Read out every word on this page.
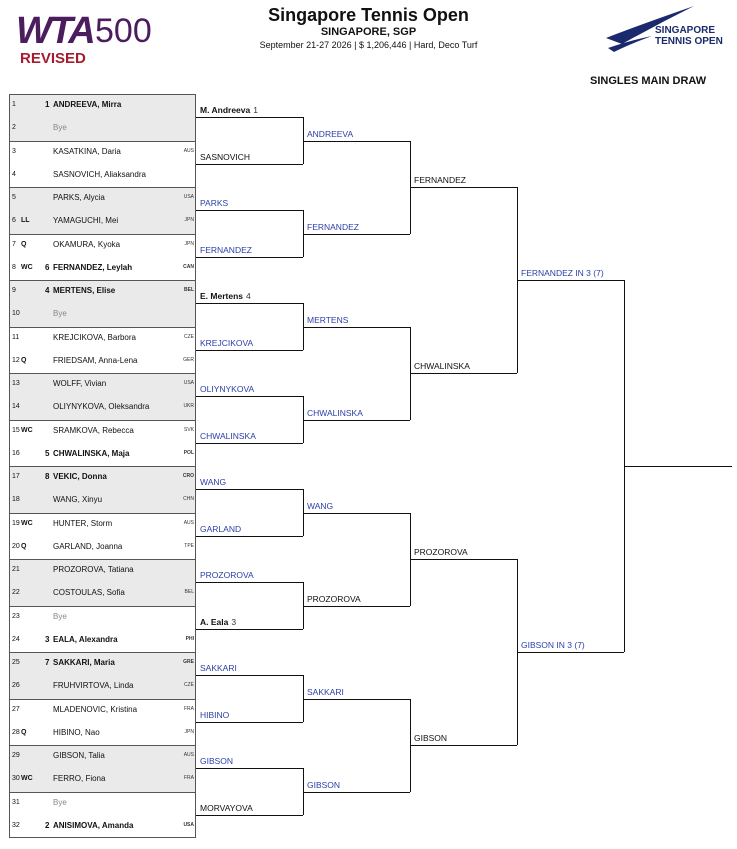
WTA 500
REVISED
Singapore Tennis Open
SINGAPORE, SGP
September 21-27 2026 | $ 1,206,446 | Hard, Deco Turf
SINGAPORE
TENNIS OPEN
SINGLES MAIN DRAW
1	1 ANDREEVA, Mirra
2	Bye
3	KASATKINA, Daria	AUS
4	SASNOVICH, Aliaksandra
5	PARKS, Alycia	USA
6 LL	YAMAGUCHI, Mei	JPN
7 Q	OKAMURA, Kyoka	JPN
8 WC 6 FERNANDEZ, Leylah	CAN
9	4 MERTENS, Elise	BEL
10	Bye
11	KREJCIKOVA, Barbora	CZE
12 Q	FRIEDSAM, Anna-Lena	GER
13	WOLFF, Vivian	USA
14	OLIYNYKOVA, Oleksandra	UKR
15 WC	SRAMKOVA, Rebecca	SVK
16	5 CHWALINSKA, Maja	POL
17	8 VEKIC, Donna	CRO
18	WANG, Xinyu	CHN
19 WC	HUNTER, Storm	AUS
20 Q	GARLAND, Joanna	TPE
21	PROZOROVA, Tatiana
22	COSTOULAS, Sofia	BEL
23	Bye
24	3 EALA, Alexandra	PHI
25	7 SAKKARI, Maria	GRE
26	FRUHVIRTOVA, Linda	CZE
27	MLADENOVIC, Kristina	FRA
28 Q	HIBINO, Nao	JPN
29	GIBSON, Talia	AUS
30 WC	FERRO, Fiona	FRA
31	Bye
32	2 ANISIMOVA, Amanda	USA
M. Andreeva 1
SASNOVICH
PARKS
FERNANDEZ
E. Mertens 4
KREJCIKOVA
OLIYNYKOVA
CHWALINSKA
WANG
GARLAND
PROZOROVA
A. Eala 3
SAKKARI
HIBINO
GIBSON
MORVAYOVA
ANDREEVA
FERNANDEZ
MERTENS
CHWALINSKA
WANG
PROZOROVA
SAKKARI
GIBSON
FERNANDEZ
CHWALINSKA
PROZOROVA
GIBSON
FERNANDEZ IN 3 (7)
GIBSON IN 3 (7)
